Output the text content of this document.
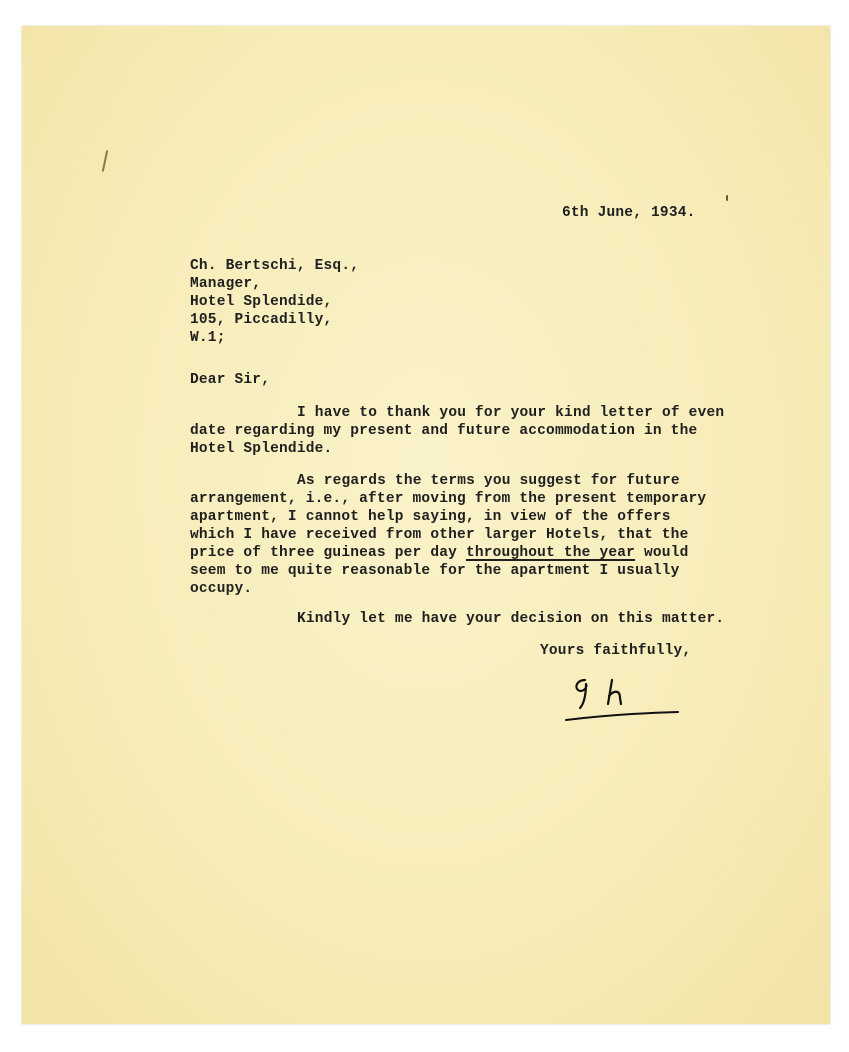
6th June, 1934.
Ch. Bertschi, Esq.,
Manager,
Hotel Splendide,
105, Piccadilly,
W.1;
Dear Sir,
I have to thank you for your kind letter of even
date regarding my present and future accommodation in the
Hotel Splendide.
As regards the terms you suggest for future
arrangement, i.e., after moving from the present temporary
apartment, I cannot help saying, in view of the offers
which I have received from other larger Hotels, that the
price of three guineas per day throughout the year would
seem to me quite reasonable for the apartment I usually
occupy.
Kindly let me have your decision on this matter.
Yours faithfully,
